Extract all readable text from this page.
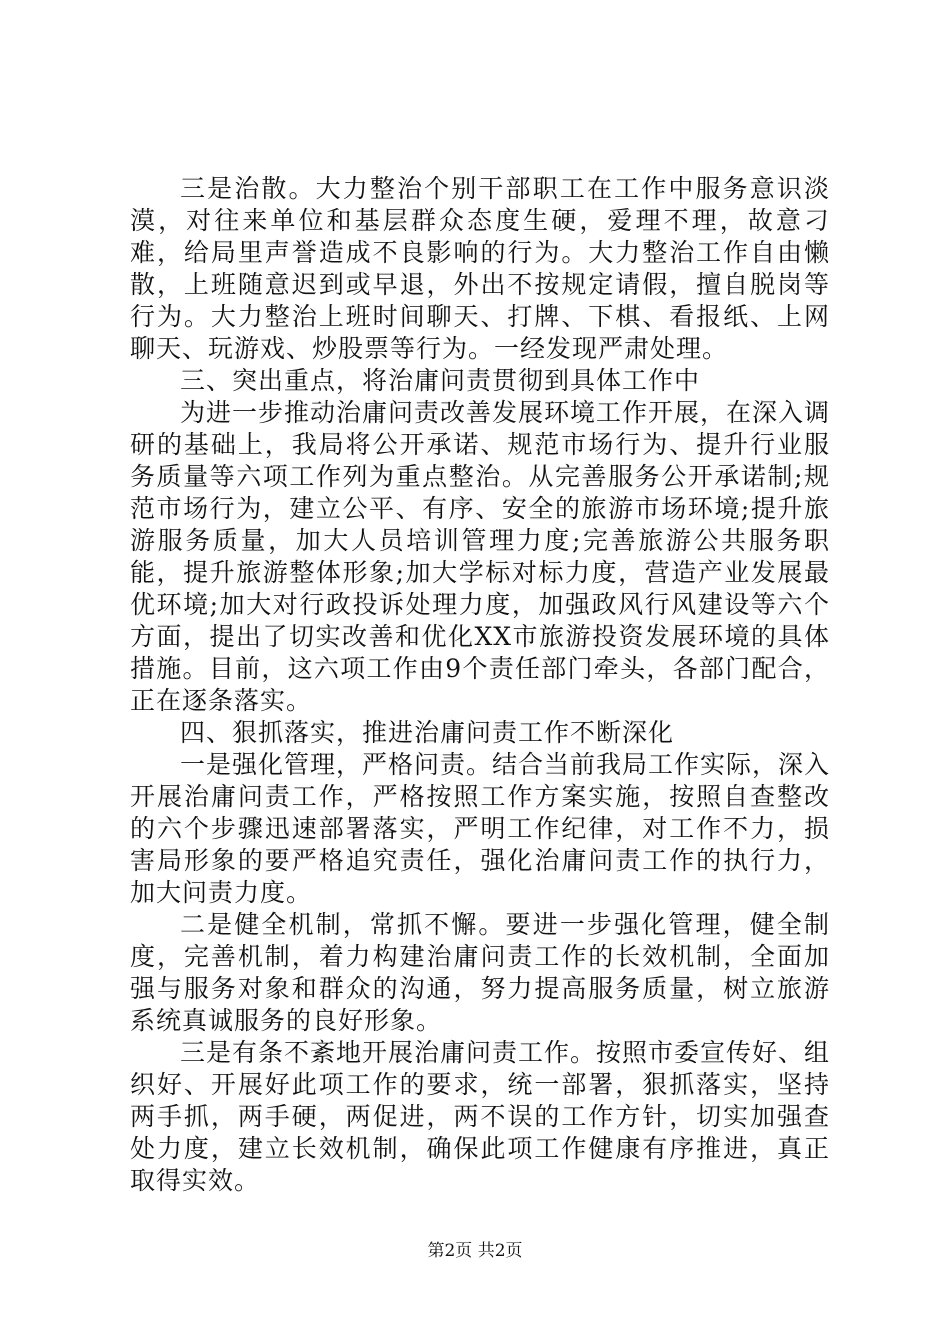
三是治散。大力整治个别干部职工在工作中服务意识淡漠，对往来单位和基层群众态度生硬，爱理不理，故意刁难，给局里声誉造成不良影响的行为。大力整治工作自由懒散，上班随意迟到或早退，外出不按规定请假，擅自脱岗等行为。大力整治上班时间聊天、打牌、下棋、看报纸、上网聊天、玩游戏、炒股票等行为。一经发现严肃处理。

三、突出重点，将治庸问责贯彻到具体工作中

为进一步推动治庸问责改善发展环境工作开展，在深入调研的基础上，我局将公开承诺、规范市场行为、提升行业服务质量等六项工作列为重点整治。从完善服务公开承诺制;规范市场行为，建立公平、有序、安全的旅游市场环境;提升旅游服务质量，加大人员培训管理力度;完善旅游公共服务职能，提升旅游整体形象;加大学标对标力度，营造产业发展最优环境;加大对行政投诉处理力度，加强政风行风建设等六个方面，提出了切实改善和优化XX市旅游投资发展环境的具体措施。目前，这六项工作由9个责任部门牵头，各部门配合，正在逐条落实。

四、狠抓落实，推进治庸问责工作不断深化

一是强化管理，严格问责。结合当前我局工作实际，深入开展治庸问责工作，严格按照工作方案实施，按照自查整改的六个步骤迅速部署落实，严明工作纪律，对工作不力，损害局形象的要严格追究责任，强化治庸问责工作的执行力，加大问责力度。

二是健全机制，常抓不懈。要进一步强化管理，健全制度，完善机制，着力构建治庸问责工作的长效机制，全面加强与服务对象和群众的沟通，努力提高服务质量，树立旅游系统真诚服务的良好形象。

三是有条不紊地开展治庸问责工作。按照市委宣传好、组织好、开展好此项工作的要求，统一部署，狠抓落实，坚持两手抓，两手硬，两促进，两不误的工作方针，切实加强查处力度，建立长效机制，确保此项工作健康有序推进，真正取得实效。

第2页 共2页
